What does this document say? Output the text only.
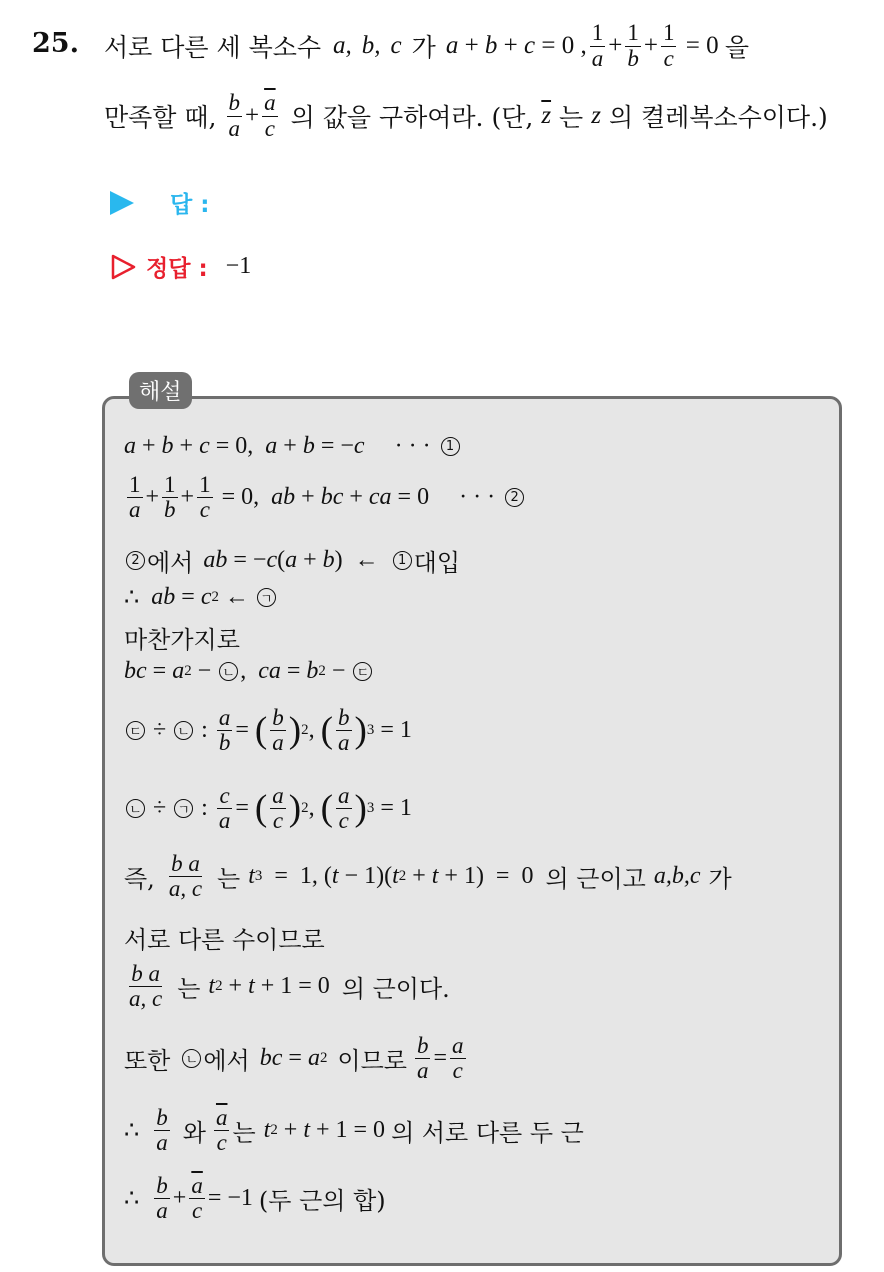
25. 서로 다른 세 복소수 a, b, c 가 a + b + c = 0 , $\frac{1}{a} + \frac{1}{b} + \frac{1}{c} = 0$ 을
만족할 때, $\frac{b}{a} + \frac{\overline{a}}{c}$ 의 값을 구하여라. (단, $\overline{z}$ 는 z 의 켤레복소수이다.)
답 :
정답 : −1
해설
a + b + c = 0, a + b = − c · · ·	1
$\frac{1}{a} + \frac{1}{b} + \frac{1}{c} = 0$, ab + bc + ca = 0 · · ·	2
2 에서 ab = − c ( a + b )  ← 1 대입
∴ ab = c 2 ← ㄱ
마찬가지로
bc = a 2 − ㄴ , ca = b 2 − ㄷ
ㄷ ÷ ㄴ : $\frac{a}{b}$ = ( $\frac{b}{a}$ ) 2 , ( $\frac{b}{a}$ ) 3 = 1
ㄴ ÷ ㄱ : $\frac{c}{a}$ = ( $\frac{a}{c}$ ) 2 , ( $\frac{a}{c}$ ) 3 = 1
즉, $\frac{\text{b a}}{a, c}$ 는 t 3 =  1, ( t − 1)( t 2 + t + 1)  =  0 의 근이고 a,b,c 가
서로 다른 수이므로
$\frac{\text{b a}}{a, c}$ 는 t 2 + t + 1 = 0 의 근이다.
또한 ㄴ 에서 bc = a 2 이므로 $\frac{b}{a} = \frac{a}{c}$
∴ $\frac{b}{a}$ 와 $\frac{\overline{a}}{c}$ 는 t 2 + t + 1 = 0 의 서로 다른 두 근
∴ $\frac{b}{a} + \frac{\overline{a}}{c} = -1$ (두 근의 합)
